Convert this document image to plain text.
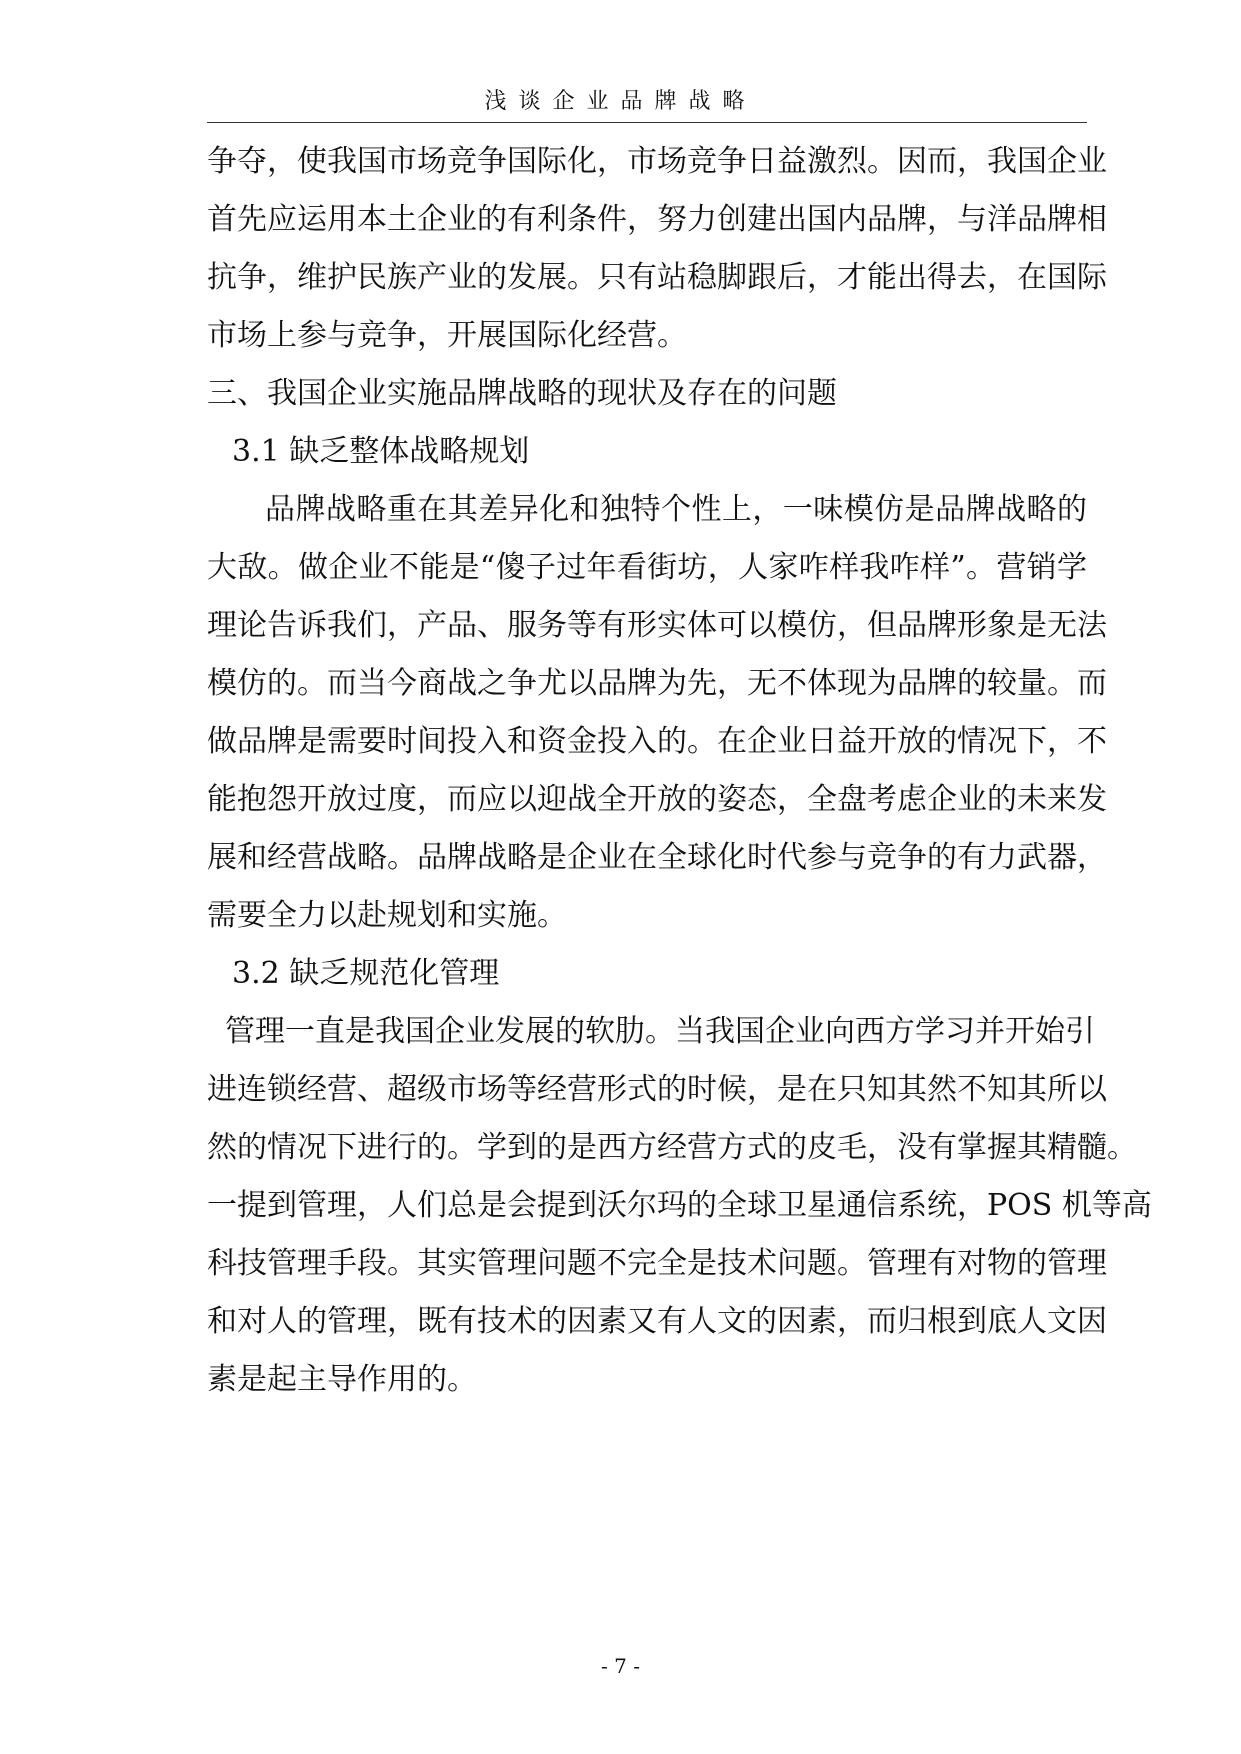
浅谈企业品牌战略
争夺，使我国市场竞争国际化，市场竞争日益激烈。因而，我国企业
首先应运用本土企业的有利条件，努力创建出国内品牌，与洋品牌相
抗争，维护民族产业的发展。只有站稳脚跟后，才能出得去，在国际
市场上参与竞争，开展国际化经营。
三、我国企业实施品牌战略的现状及存在的问题
3.1 缺乏整体战略规划
品牌战略重在其差异化和独特个性上，一味模仿是品牌战略的
大敌。做企业不能是“傻子过年看街坊，人家咋样我咋样”。营销学
理论告诉我们，产品、服务等有形实体可以模仿，但品牌形象是无法
模仿的。而当今商战之争尤以品牌为先，无不体现为品牌的较量。而
做品牌是需要时间投入和资金投入的。在企业日益开放的情况下，不
能抱怨开放过度，而应以迎战全开放的姿态，全盘考虑企业的未来发
展和经营战略。品牌战略是企业在全球化时代参与竞争的有力武器，
需要全力以赴规划和实施。
3.2 缺乏规范化管理
管理一直是我国企业发展的软肋。当我国企业向西方学习并开始引
进连锁经营、超级市场等经营形式的时候，是在只知其然不知其所以
然的情况下进行的。学到的是西方经营方式的皮毛，没有掌握其精髓。
一提到管理，人们总是会提到沃尔玛的全球卫星通信系统，POS 机等高
科技管理手段。其实管理问题不完全是技术问题。管理有对物的管理
和对人的管理，既有技术的因素又有人文的因素，而归根到底人文因
素是起主导作用的。
- 7 -
